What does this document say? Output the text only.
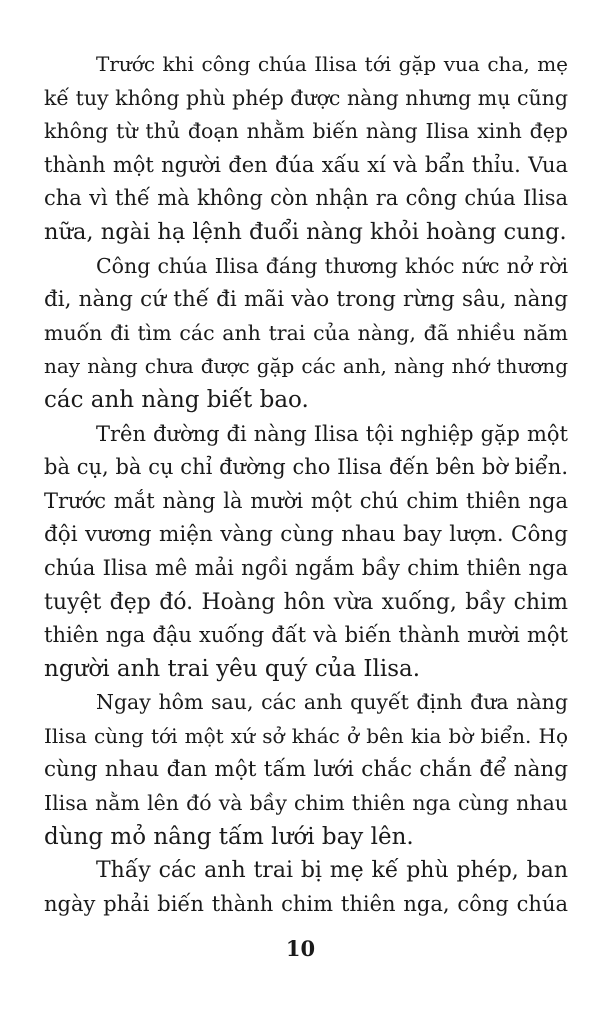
Trước khi công chúa Ilisa tới gặp vua cha, mẹ
kế tuy không phù phép được nàng nhưng mụ cũng
không từ thủ đoạn nhằm biến nàng Ilisa xinh đẹp
thành một người đen đúa xấu xí và bẩn thỉu. Vua
cha vì thế mà không còn nhận ra công chúa Ilisa
nữa, ngài hạ lệnh đuổi nàng khỏi hoàng cung.
Công chúa Ilisa đáng thương khóc nức nở rời
đi, nàng cứ thế đi mãi vào trong rừng sâu, nàng
muốn đi tìm các anh trai của nàng, đã nhiều năm
nay nàng chưa được gặp các anh, nàng nhớ thương
các anh nàng biết bao.
Trên đường đi nàng Ilisa tội nghiệp gặp một
bà cụ, bà cụ chỉ đường cho Ilisa đến bên bờ biển.
Trước mắt nàng là mười một chú chim thiên nga
đội vương miện vàng cùng nhau bay lượn. Công
chúa Ilisa mê mải ngồi ngắm bầy chim thiên nga
tuyệt đẹp đó. Hoàng hôn vừa xuống, bầy chim
thiên nga đậu xuống đất và biến thành mười một
người anh trai yêu quý của Ilisa.
Ngay hôm sau, các anh quyết định đưa nàng
Ilisa cùng tới một xứ sở khác ở bên kia bờ biển. Họ
cùng nhau đan một tấm lưới chắc chắn để nàng
Ilisa nằm lên đó và bầy chim thiên nga cùng nhau
dùng mỏ nâng tấm lưới bay lên.
Thấy các anh trai bị mẹ kế phù phép, ban
ngày phải biến thành chim thiên nga, công chúa
10
